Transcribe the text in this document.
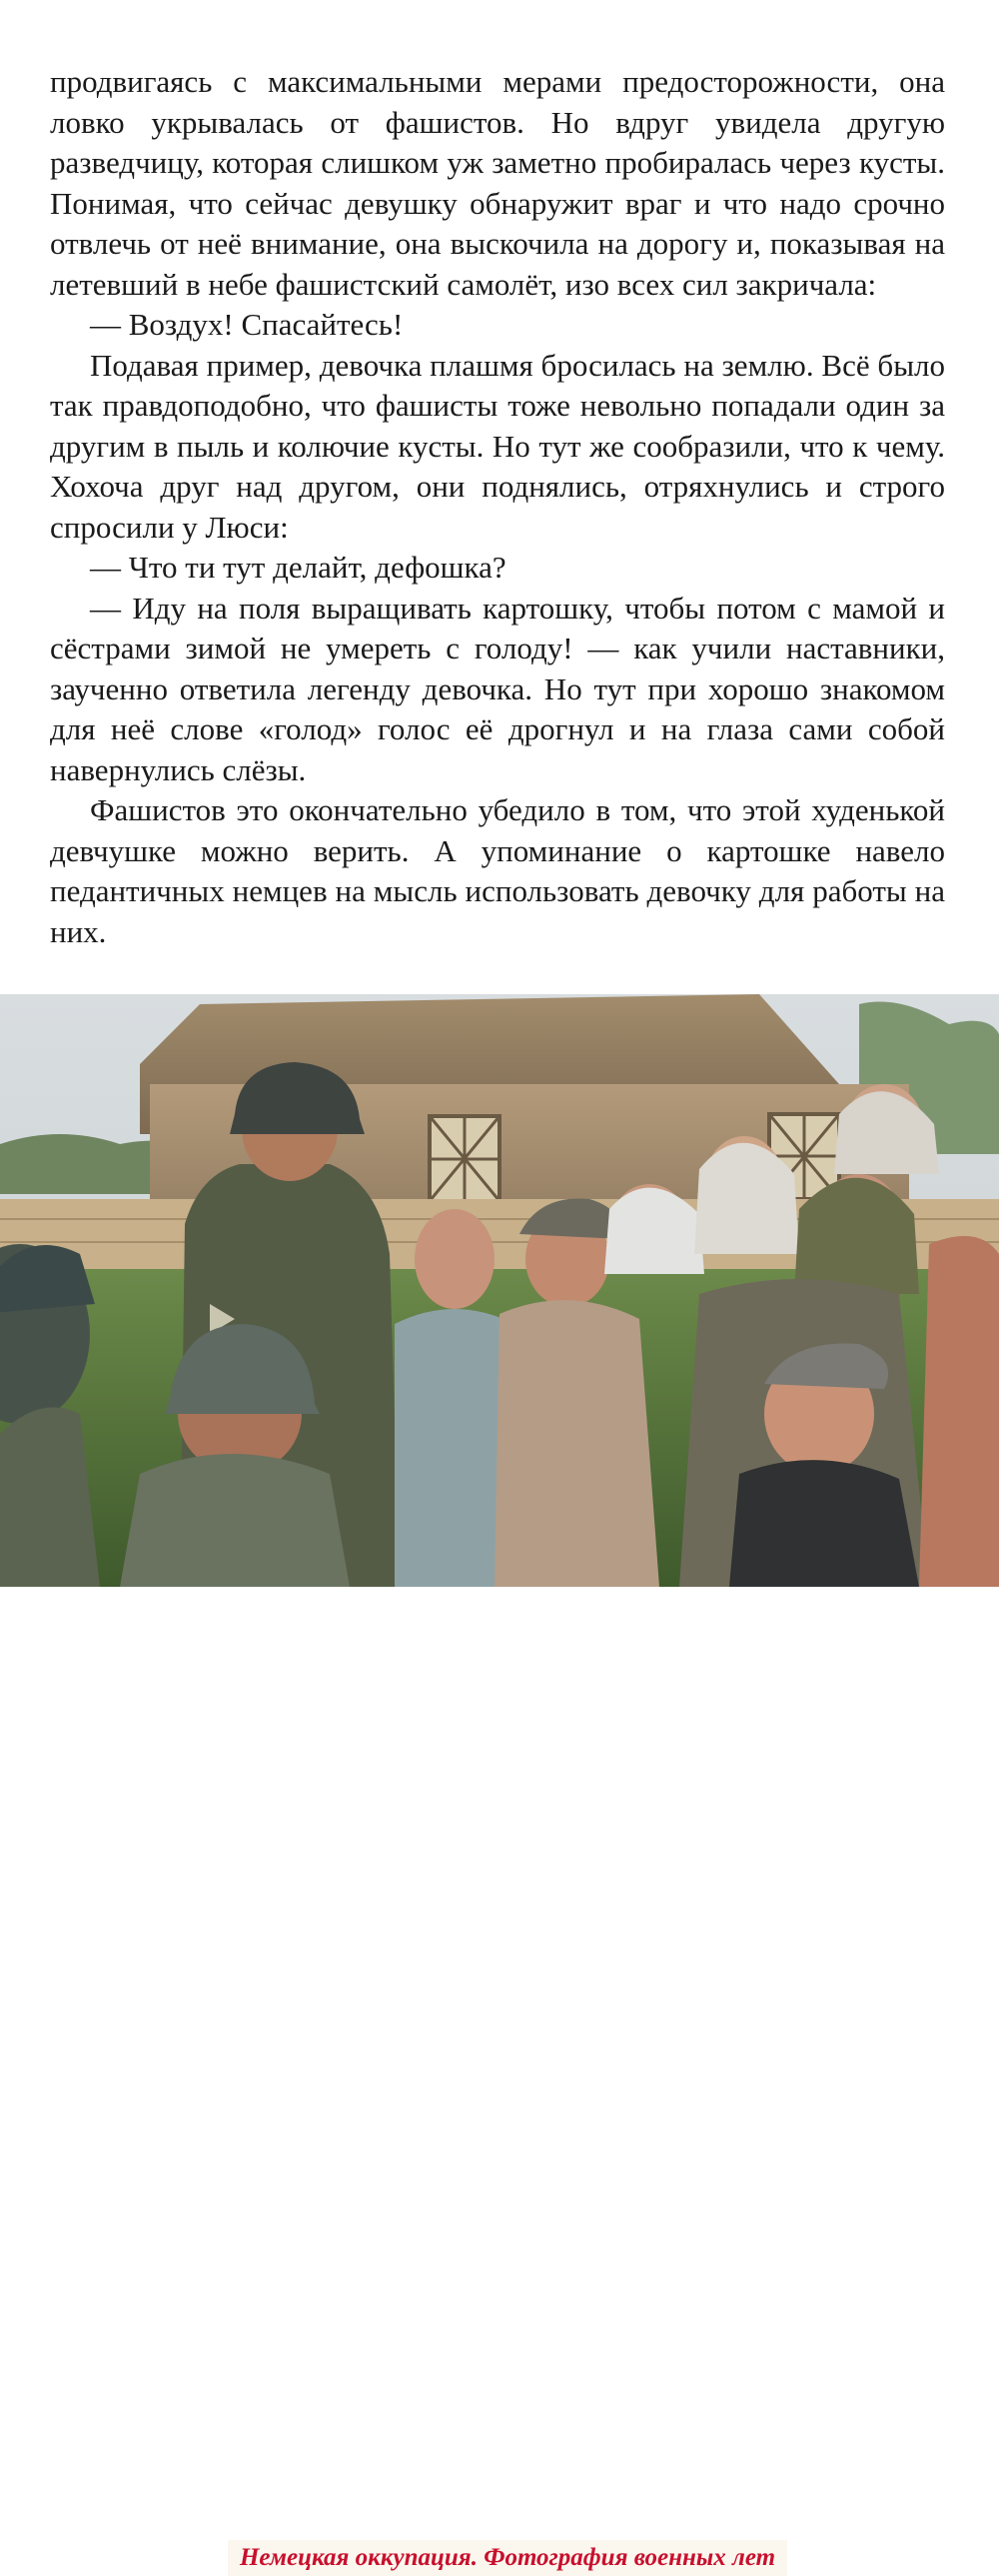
продвигаясь с максимальными мерами предосторожности, она ловко укрывалась от фашистов. Но вдруг увидела другую разведчицу, которая слишком уж заметно пробиралась через кусты. Понимая, что сейчас девушку обнаружит враг и что надо срочно отвлечь от неё внимание, она выскочила на дорогу и, показывая на летевший в небе фашистский самолёт, изо всех сил закричала:

— Воздух! Спасайтесь!

Подавая пример, девочка плашмя бросилась на землю. Всё было так правдоподобно, что фашисты тоже невольно попадали один за другим в пыль и колючие кусты. Но тут же сообразили, что к чему. Хохоча друг над другом, они поднялись, отряхнулись и строго спросили у Люси:

— Что ти тут делайт, дефошка?

— Иду на поля выращивать картошку, чтобы потом с мамой и сёстрами зимой не умереть с голоду! — как учили наставники, заученно ответила легенду девочка. Но тут при хорошо знакомом для неё слове «голод» голос её дрогнул и на глаза сами собой навернулись слёзы.

Фашистов это окончательно убедило в том, что этой худенькой девчушке можно верить. А упоминание о картошке навело педантичных немцев на мысль использовать девочку для работы на них.

Немецкая оккупация. Фотография военных лет
